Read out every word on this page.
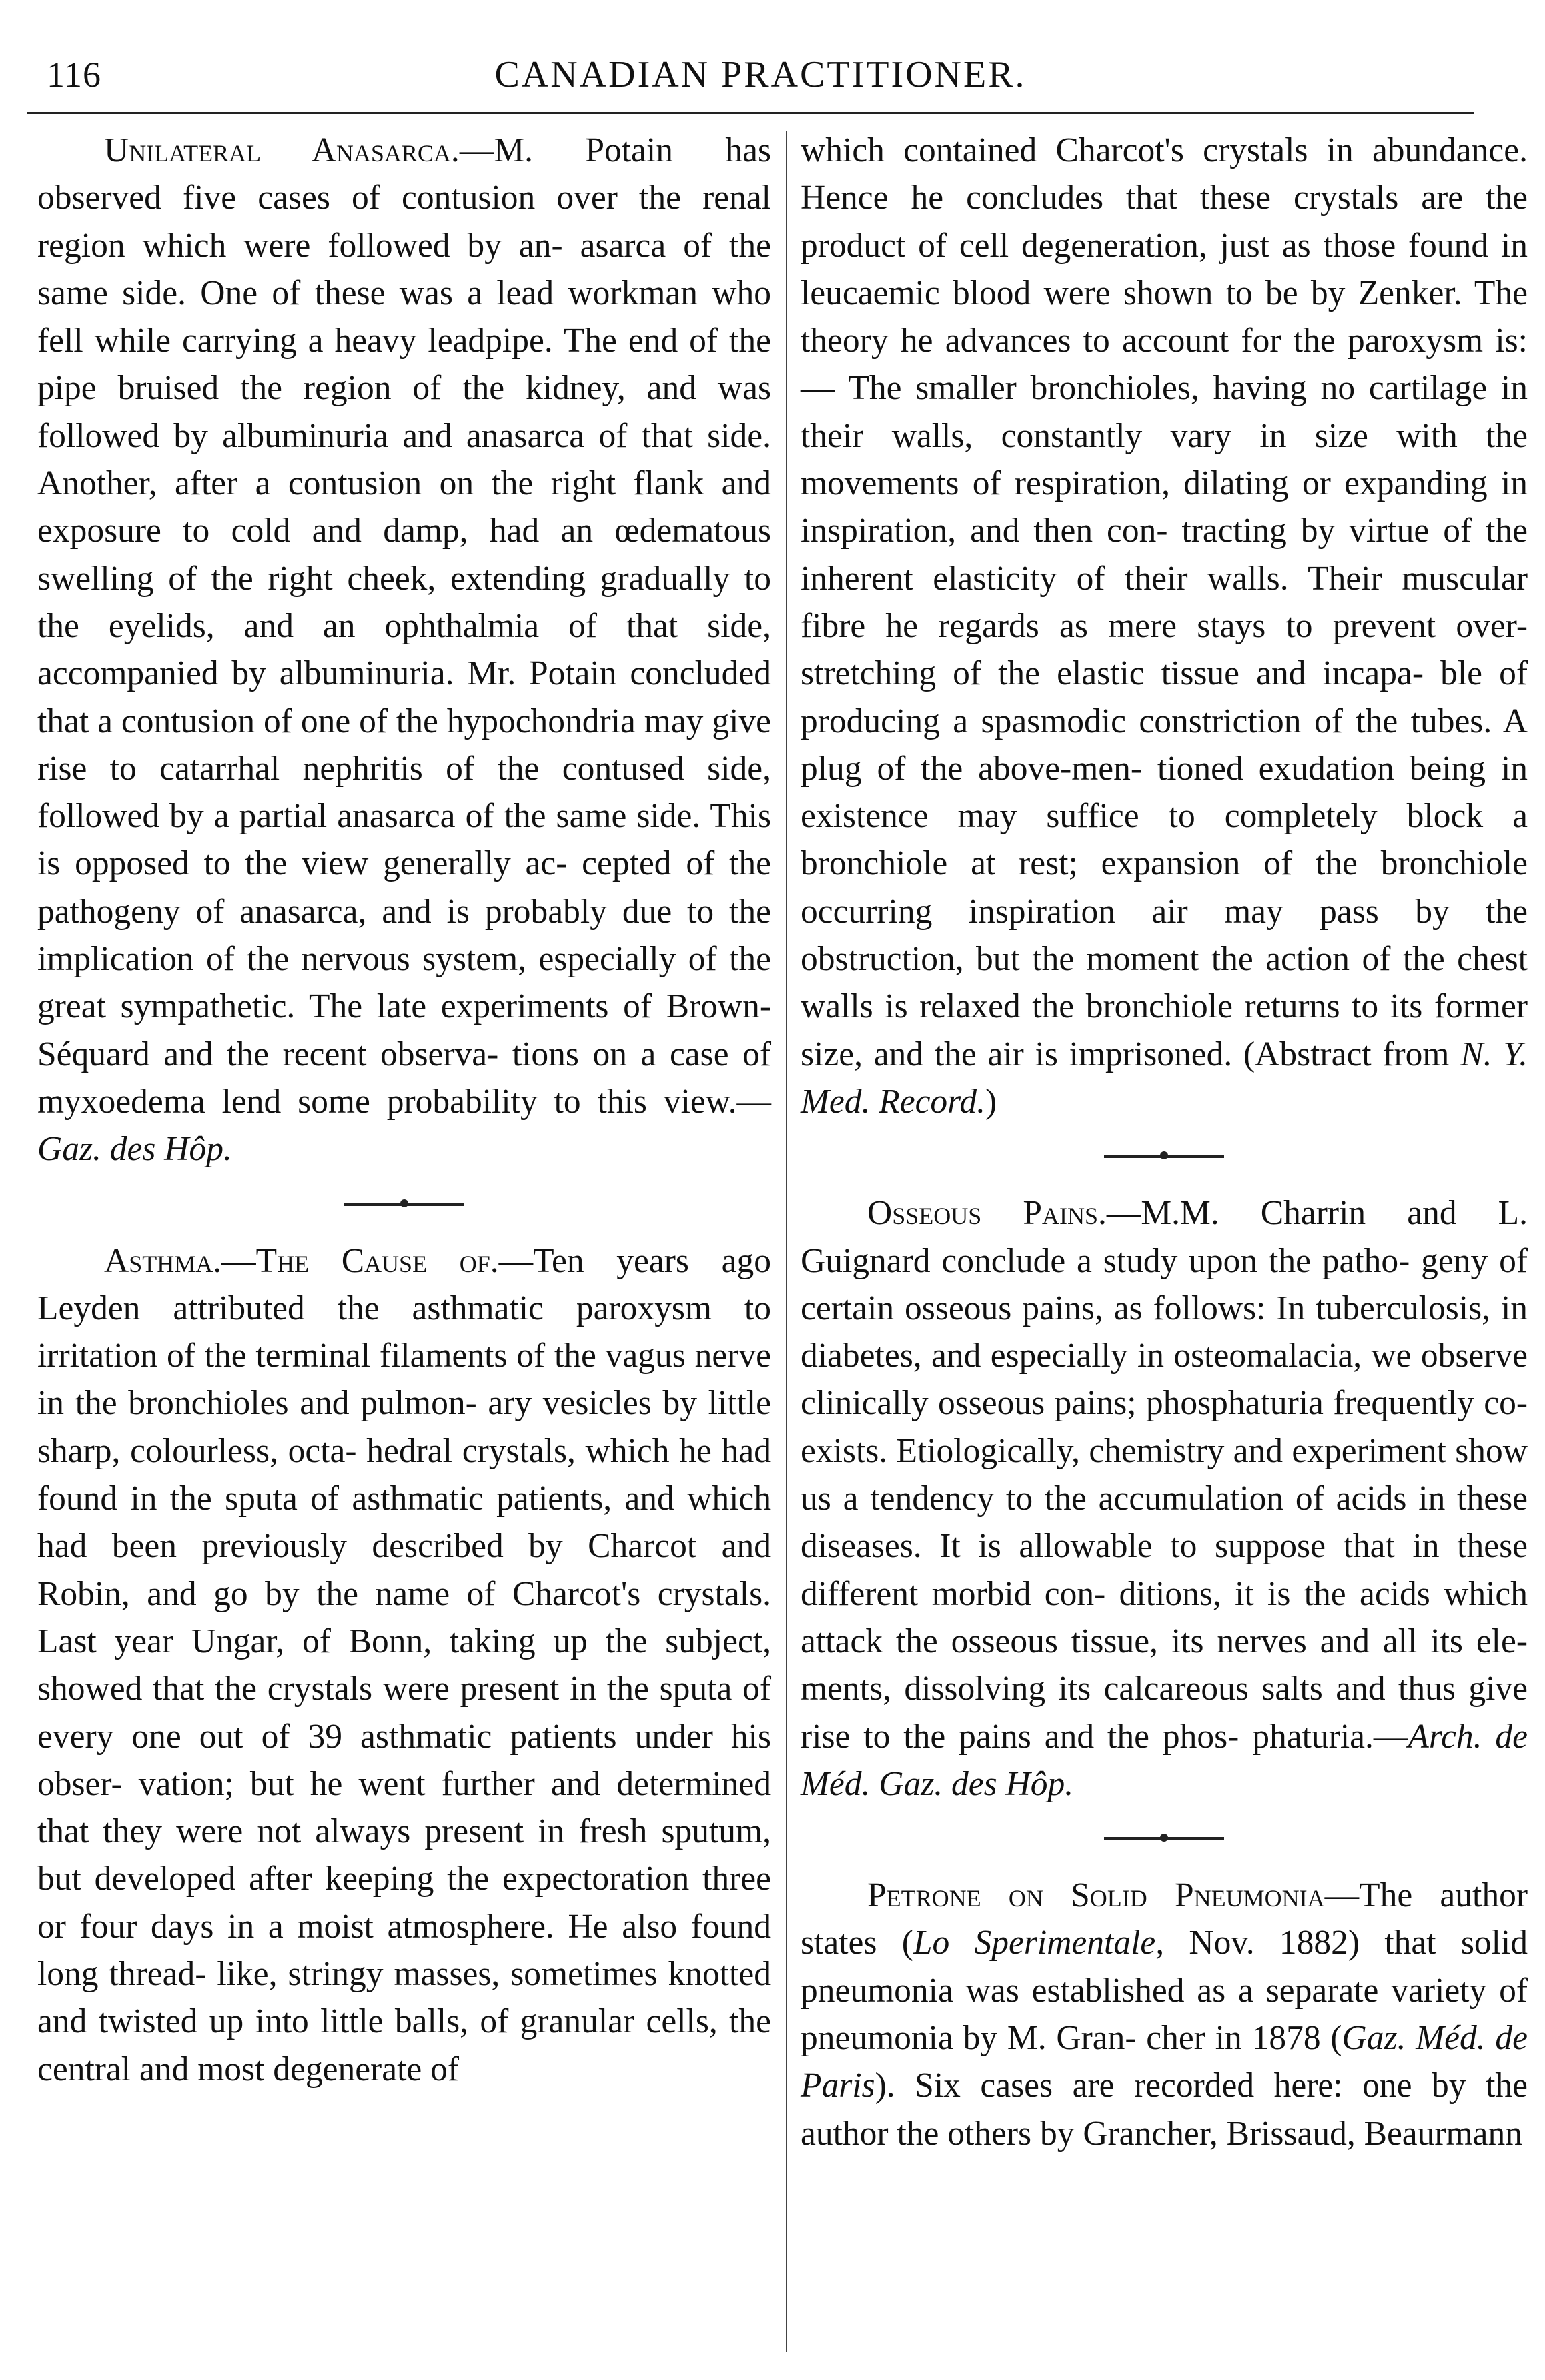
116	CANADIAN PRACTITIONER.

Unilateral Anasarca.—M. Potain has observed five cases of contusion over the renal region which were followed by an- asarca of the same side. One of these was a lead workman who fell while carrying a heavy leadpipe. The end of the pipe bruised the region of the kidney, and was followed by albuminuria and anasarca of that side. Another, after a contusion on the right flank and exposure to cold and damp, had an œdematous swelling of the right cheek, extending gradually to the eyelids, and an ophthalmia of that side, accompanied by albuminuria. Mr. Potain concluded that a contusion of one of the hypochondria may give rise to catarrhal nephritis of the contused side, followed by a partial anasarca of the same side. This is opposed to the view generally ac- cepted of the pathogeny of anasarca, and is probably due to the implication of the nervous system, especially of the great sympathetic. The late experiments of Brown-Séquard and the recent observa- tions on a case of myxoedema lend some probability to this view.—Gaz. des Hôp.

Asthma.—The Cause of.—Ten years ago Leyden attributed the asthmatic paroxysm to irritation of the terminal filaments of the vagus nerve in the bronchioles and pulmon- ary vesicles by little sharp, colourless, octa- hedral crystals, which he had found in the sputa of asthmatic patients, and which had been previously described by Charcot and Robin, and go by the name of Charcot's crystals. Last year Ungar, of Bonn, taking up the subject, showed that the crystals were present in the sputa of every one out of 39 asthmatic patients under his obser- vation; but he went further and determined that they were not always present in fresh sputum, but developed after keeping the expectoration three or four days in a moist atmosphere. He also found long thread- like, stringy masses, sometimes knotted and twisted up into little balls, of granular cells, the central and most degenerate of

which contained Charcot's crystals in abundance. Hence he concludes that these crystals are the product of cell degeneration, just as those found in leucaemic blood were shown to be by Zenker. The theory he advances to account for the paroxysm is:— The smaller bronchioles, having no cartilage in their walls, constantly vary in size with the movements of respiration, dilating or expanding in inspiration, and then con- tracting by virtue of the inherent elasticity of their walls. Their muscular fibre he regards as mere stays to prevent over- stretching of the elastic tissue and incapa- ble of producing a spasmodic constriction of the tubes. A plug of the above-men- tioned exudation being in existence may suffice to completely block a bronchiole at rest; expansion of the bronchiole occurring inspiration air may pass by the obstruction, but the moment the action of the chest walls is relaxed the bronchiole returns to its former size, and the air is imprisoned. (Abstract from N. Y. Med. Record.)

Osseous Pains.—M.M. Charrin and L. Guignard conclude a study upon the patho- geny of certain osseous pains, as follows: In tuberculosis, in diabetes, and especially in osteomalacia, we observe clinically osseous pains; phosphaturia frequently co-exists. Etiologically, chemistry and experiment show us a tendency to the accumulation of acids in these diseases. It is allowable to suppose that in these different morbid con- ditions, it is the acids which attack the osseous tissue, its nerves and all its ele- ments, dissolving its calcareous salts and thus give rise to the pains and the phos- phaturia.—Arch. de Méd. Gaz. des Hôp.

Petrone on Solid Pneumonia—The author states (Lo Sperimentale, Nov. 1882) that solid pneumonia was established as a separate variety of pneumonia by M. Gran- cher in 1878 (Gaz. Méd. de Paris). Six cases are recorded here: one by the author the others by Grancher, Brissaud, Beaurmann
